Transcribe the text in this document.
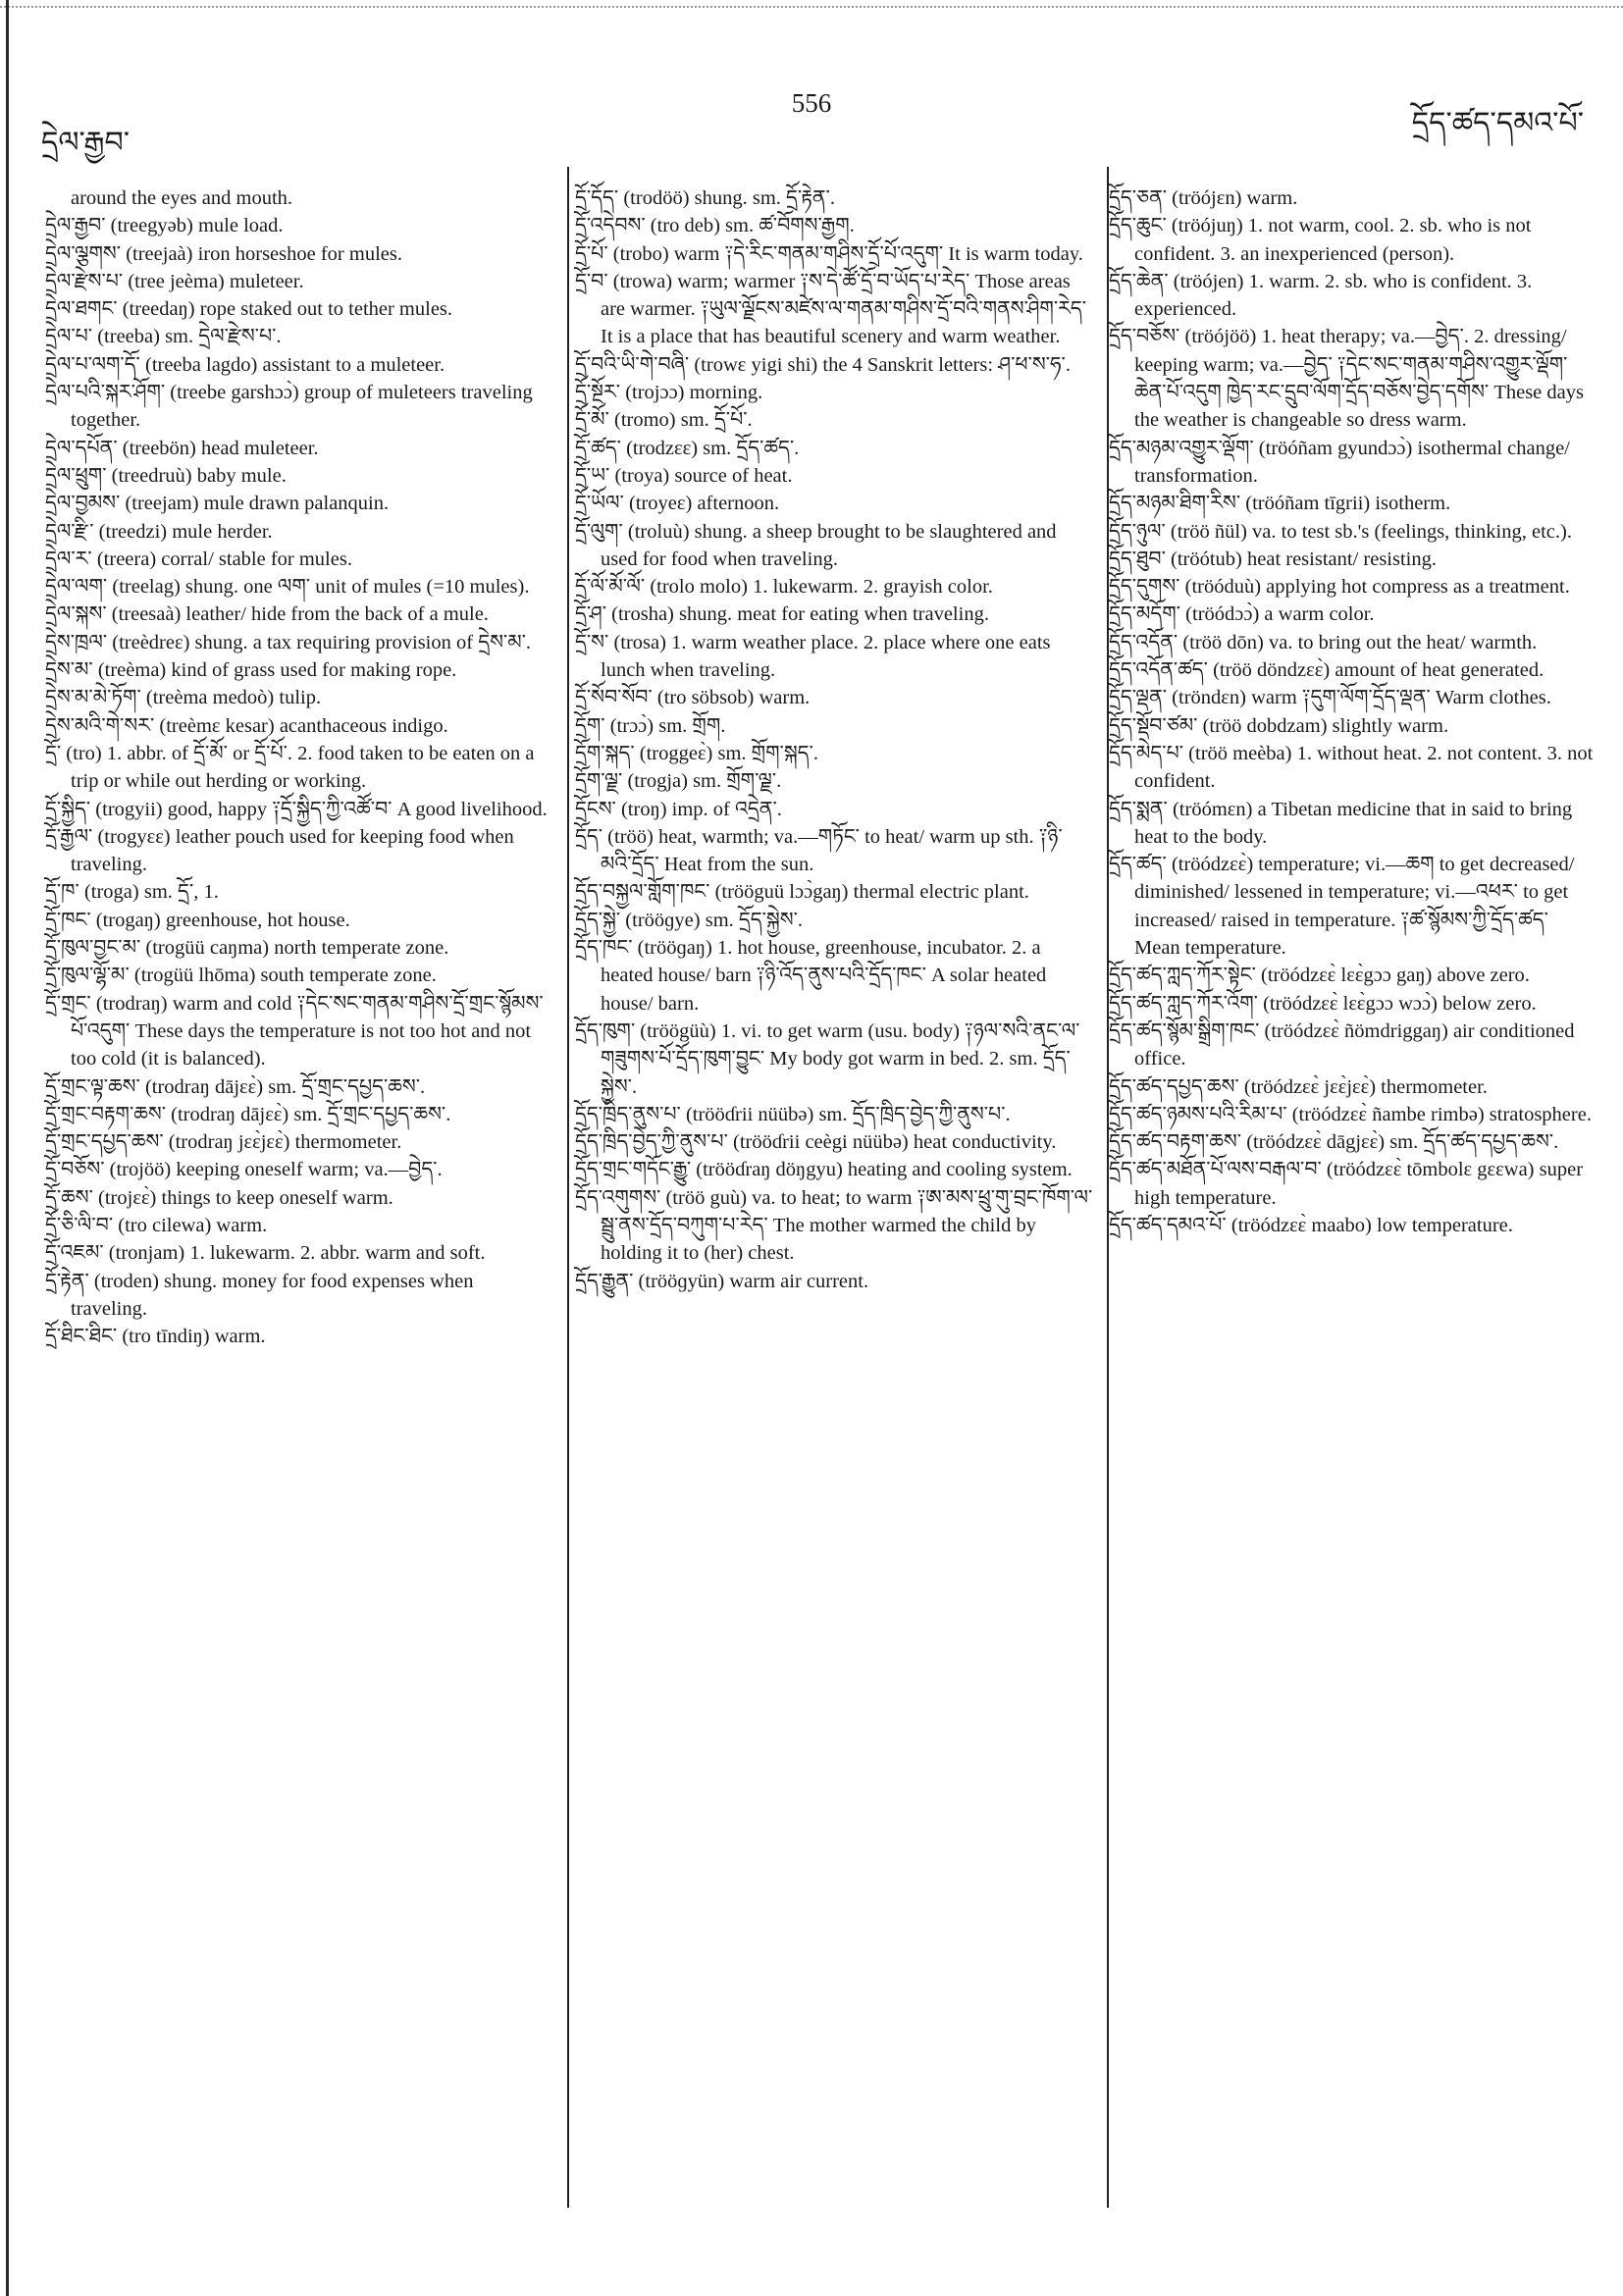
556
དྲེལ་རྒྱབ་
དྲོད་ཚད་དམའ་པོ་
around the eyes and mouth.
དྲེལ་རྒྱབ་ (treegyəb) mule load.
དྲེལ་ལྕགས་ (treejaà) iron horseshoe for mules.
དྲེལ་རྫེས་པ་ (tree jeèma) muleteer.
དྲེལ་ཐགང་ (treedaŋ) rope staked out to tether mules.
དྲེལ་པ་ (treeba) sm. དྲེལ་རྫེས་པ་.
དྲེལ་པ་ལག་དོ་ (treeba lagdo) assistant to a muleteer.
དྲེལ་པའི་སྐར་ཤོག་ (treebe garshɔɔ̀) group of muleteers traveling together.
དྲེལ་དཔོན་ (treebön) head muleteer.
དྲེལ་ཕྲུག་ (treedruù) baby mule.
དྲེལ་བྱམས་ (treejam) mule drawn palanquin.
དྲེལ་རྫི་ (treedzi) mule herder.
དྲེལ་ར་ (treera) corral/ stable for mules.
དྲེལ་ལག་ (treelag) shung. one ལག་ unit of mules (=10 mules).
དྲེལ་སྐས་ (treesaà) leather/ hide from the back of a mule.
དྲེས་ཁྲལ་ (treèdreɛ) shung. a tax requiring provision of དྲེས་མ་.
དྲེས་མ་ (treèma) kind of grass used for making rope.
དྲེས་མ་མེ་ཏོག་ (treèma medoò) tulip.
དྲེས་མའི་གེ་སར་ (treèmɛ kesar) acanthaceous indigo.
དྲོ་ (tro) 1. abbr. of དྲོ་མོ་ or དྲོ་པོ་. 2. food taken to be eaten on a trip or while out herding or working.
དྲོ་སྐྱིད་ (trogyii) good, happy ༑དྲོ་སྐྱིད་ཀྱི་འཚོ་བ་ A good livelihood.
དྲོ་རྒྱལ་ (trogyɛɛ) leather pouch used for keeping food when traveling.
དྲོ་ཁ་ (troga) sm. དྲོ་, 1.
དྲོ་ཁང་ (trogaŋ) greenhouse, hot house.
དྲོ་ཁུལ་བྱང་མ་ (trogüü caŋma) north temperate zone.
དྲོ་ཁུལ་ལྷོ་མ་ (trogüü lhōma) south temperate zone.
དྲོ་གྲང་ (trodraŋ) warm and cold ༑དེང་སང་གནམ་གཤིས་དྲོ་གྲང་སྙོམས་པོ་འདུག་ These days the temperature is not too hot and not too cold (it is balanced).
དྲོ་གྲང་ལྟ་ཆས་ (trodraŋ dājɛɛ̀) sm. དྲོ་གྲང་དཔྱད་ཆས་.
དྲོ་གྲང་བརྟག་ཆས་ (trodraŋ dājɛɛ̀) sm. དྲོ་གྲང་དཔྱད་ཆས་.
དྲོ་གྲང་དཔྱད་ཆས་ (trodraŋ jɛɛ̀jɛɛ̀) thermometer.
དྲོ་བཅོས་ (trojöö) keeping oneself warm; va.—བྱེད་.
དྲོ་ཆས་ (trojɛɛ̀) things to keep oneself warm.
དྲོ་ཅི་ལི་བ་ (tro cilewa) warm.
དྲོ་འཇམ་ (tronjam) 1. lukewarm. 2. abbr. warm and soft.
དྲོ་རྟེན་ (troden) shung. money for food expenses when traveling.
དྲོ་ཐིང་ཐིང་ (tro tīndiŋ) warm.
དྲོ་དོད་ (trodöö) shung. sm. དྲོ་རྟེན་.
དྲོ་འདེབས་ (tro deb) sm. ཚ་བོགས་རྒྱག.
དྲོ་པོ་ (trobo) warm ༑དེ་རིང་གནམ་གཤིས་དྲོ་པོ་འདུག་ It is warm today.
དྲོ་བ་ (trowa) warm; warmer ༑ས་དེ་ཚོ་དྲོ་བ་ཡོད་པ་རེད་ Those areas are warmer. ༑ཡུལ་ལྗོངས་མཛེས་ལ་གནམ་གཤིས་དྲོ་བའི་གནས་ཤིག་རེད་ It is a place that has beautiful scenery and warm weather.
དྲོ་བའི་ཡི་གེ་བཞི་ (trowɛ yigi shi) the 4 Sanskrit letters: ཤ་ཕ་ས་ཧ་.
དྲོ་སྔོར་ (trojɔɔ) morning.
དྲོ་མོ་ (tromo) sm. དྲོ་པོ་.
དྲོ་ཚད་ (trodzɛɛ) sm. དྲོད་ཚད་.
དྲོ་ཡ་ (troya) source of heat.
དྲོ་ཡོལ་ (troyeɛ) afternoon.
དྲོ་ལུག་ (troluù) shung. a sheep brought to be slaughtered and used for food when traveling.
དྲོ་ལོ་མོ་ལོ་ (trolo molo) 1. lukewarm. 2. grayish color.
དྲོ་ཤ་ (trosha) shung. meat for eating when traveling.
དྲོ་ས་ (trosa) 1. warm weather place. 2. place where one eats lunch when traveling.
དྲོ་སོབ་སོབ་ (tro söbsob) warm.
དྲོག་ (trɔɔ̀) sm. གྲོག.
དྲོག་སྐད་ (troggeɛ̀) sm. གྲོག་སྐད་.
དྲོག་ལྗ་ (trogja) sm. གྲོག་ལྗ་.
དྲོངས་ (troŋ) imp. of འདྲེན་.
དྲོད་ (tröö) heat, warmth; va.—གཏོང་ to heat/ warm up sth. ༑ཉི་མའི་དྲོད་ Heat from the sun.
དྲོད་བསྐྱལ་གློག་ཁང་ (trööguü lɔɔ̀gaŋ) thermal electric plant.
དྲོད་སྐྱེ་ (trööɡye) sm. དྲོད་སྐྱེས་.
དྲོད་ཁང་ (trööɡaŋ) 1. hot house, greenhouse, incubator. 2. a heated house/ barn ༑ཉི་འོད་ནུས་པའི་དྲོད་ཁང་ A solar heated house/ barn.
དྲོད་ཁུག་ (tröögüù) 1. vi. to get warm (usu. body) ༑ཉལ་སའི་ནང་ལ་གཟུགས་པོ་དྲོད་ཁུག་བྱུང་ My body got warm in bed. 2. sm. དྲོད་སྐྱེས་.
དྲོད་ཁྲིད་ནུས་པ་ (trööɗrii nüübə) sm. དྲོད་ཁྲིད་བྱེད་ཀྱི་ནུས་པ་.
དྲོད་ཁྲིད་བྱེད་ཀྱི་ནུས་པ་ (trööɗrii ceègi nüübə) heat conductivity.
དྲོད་གྲང་གདོང་རྒྱུ་ (trööɗraŋ döŋgyu) heating and cooling system.
དྲོད་འགུགས་ (tröö guù) va. to heat; to warm ༑ཨ་མས་ཕྲུ་གུ་བྲང་ཁོག་ལ་སྦྲུ་ནས་དྲོད་བཀུག་པ་རེད་ The mother warmed the child by holding it to (her) chest.
དྲོད་རྒྱུན་ (trööɡyün) warm air current.
དྲོད་ཅན་ (tröójɛn) warm.
དྲོད་ཆུང་ (tröójuŋ) 1. not warm, cool. 2. sb. who is not confident. 3. an inexperienced (person).
དྲོད་ཆེན་ (tröójen) 1. warm. 2. sb. who is confident. 3. experienced.
དྲོད་བཅོས་ (tröójöö) 1. heat therapy; va.—བྱེད་. 2. dressing/ keeping warm; va.—བྱེད་ ༑དེང་སང་གནམ་གཤིས་འགྱུར་ལྡོག་ཆེན་པོ་འདུག ཁྱེད་རང་དྲུབ་ལོག་དྲོད་བཅོས་བྱེད་དགོས་ These days the weather is changeable so dress warm.
དྲོད་མཉམ་འགྱུར་ལྡོག་ (tröóñam gyundɔɔ̀) isothermal change/ transformation.
དྲོད་མཉམ་ཐིག་རིས་ (tröóñam tīgrii) isotherm.
དྲོད་ཉུལ་ (tröö ñül) va. to test sb.'s (feelings, thinking, etc.).
དྲོད་ཐུབ་ (tröótub) heat resistant/ resisting.
དྲོད་དུགས་ (tröóduù) applying hot compress as a treatment.
དྲོད་མདོག་ (tröódɔɔ̀) a warm color.
དྲོད་འདོན་ (tröö dōn) va. to bring out the heat/ warmth.
དྲོད་འདོན་ཚད་ (tröö döndzɛɛ̀) amount of heat generated.
དྲོད་ལྡན་ (tröndɛn) warm ༑དུག་ལོག་དྲོད་ལྡན་ Warm clothes.
དྲོད་སྡོབ་ཙམ་ (tröö dobdzam) slightly warm.
དྲོད་མེད་པ་ (tröö meèba) 1. without heat. 2. not content. 3. not confident.
དྲོད་སྨན་ (tröómɛn) a Tibetan medicine that in said to bring heat to the body.
དྲོད་ཚད་ (tröódzɛɛ̀) temperature; vi.—ཆག to get decreased/ diminished/ lessened in temperature; vi.—འཕར་ to get increased/ raised in temperature. ༑ཚ་སྙོམས་ཀྱི་དྲོད་ཚད་ Mean temperature.
དྲོད་ཚད་ཀླད་ཀོར་སྟེང་ (tröódzɛɛ̀ lɛɛ̀gɔɔ gaŋ) above zero.
དྲོད་ཚད་ཀླད་ཀོར་འོག་ (tröódzɛɛ̀ lɛɛ̀gɔɔ wɔɔ̀) below zero.
དྲོད་ཚད་སྙོམ་སྒྲིག་ཁང་ (tröódzɛɛ̀ ñömdriggaŋ) air conditioned office.
དྲོད་ཚད་དཔྱད་ཆས་ (tröódzɛɛ̀ jɛɛ̀jɛɛ̀) thermometer.
དྲོད་ཚད་ཉམས་པའི་རིམ་པ་ (tröódzɛɛ̀ ñambe rimbə) stratosphere.
དྲོད་ཚད་བརྟག་ཆས་ (tröódzɛɛ̀ dāgjɛɛ̀) sm. དྲོད་ཚད་དཔྱད་ཆས་.
དྲོད་ཚད་མཐོན་པོ་ལས་བརྒལ་བ་ (tröódzɛɛ̀ tōmbolɛ gɛɛwa) super high temperature.
དྲོད་ཚད་དམའ་པོ་ (tröódzɛɛ̀ maabo) low temperature.
